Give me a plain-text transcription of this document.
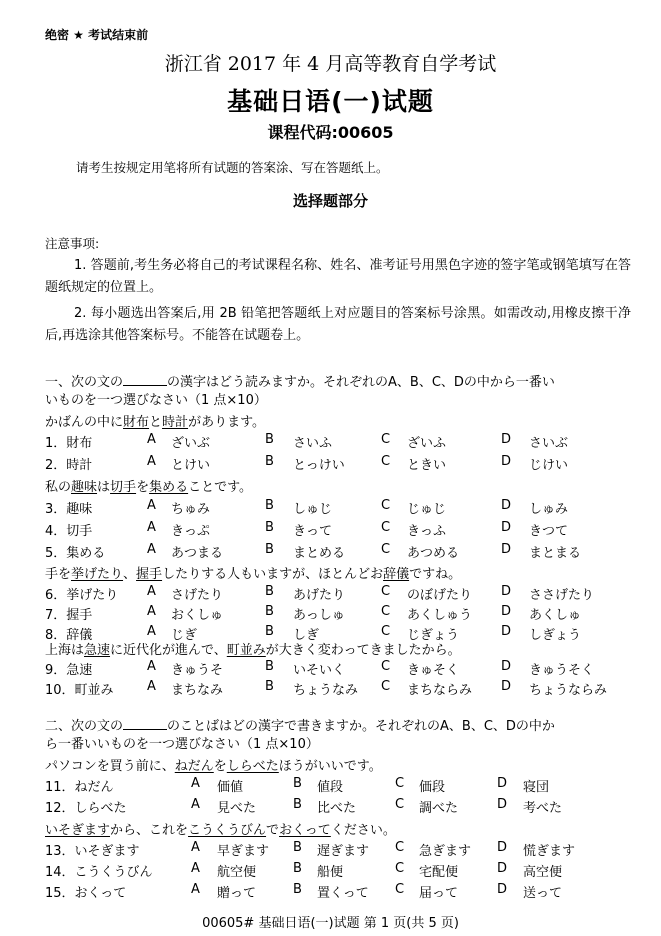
绝密 ★ 考试结束前
浙江省 2017 年 4 月高等教育自学考试
基础日语(一)试题
课程代码:00605
请考生按规定用笔将所有试题的答案涂、写在答题纸上。
选择题部分
注意事项:
1. 答题前,考生务必将自己的考试课程名称、姓名、准考证号用黑色字迹的签字笔或钢笔填写在答题纸规定的位置上。
2. 每小题选出答案后,用 2B 铅笔把答题纸上对应题目的答案标号涂黑。如需改动,用橡皮擦干净后,再选涂其他答案标号。不能答在试题卷上。
一、次の文の	の漢字はどう読みますか。それぞれのA、B、C、Dの中から一番い
いものを一つ選びなさい（1 点×10）
かばんの中に財布と時計があります。
1．財布	A ざいぶ	B さいふ	C ざいふ	D さいぶ
2．時計	A とけい	B とっけい	C ときい	D じけい
私の趣味は切手を集めることです。
3．趣味	A ちゅみ	B しゅじ	C じゅじ	D しゅみ
4．切手	A きっぷ	B きって	C きっふ	D きつて
5．集める	A あつまる	B まとめる	C あつめる	D まとまる
手を挙げたり、握手したりする人もいますが、ほとんどお辞儀ですね。
6．挙げたり A さげたり	B あげたり	C のぼげたり D ささげたり
7．握手	A おくしゅ	B あっしゅ	C あくしゅう D あくしゅ
8．辞儀	A じぎ	B しぎ	C じぎょう	D しぎょう
上海は急速に近代化が進んで、町並みが大きく変わってきましたから。
9．急速	A きゅうそ	B いそいく	C きゅそく	D きゅうそく
10．町並み	A まちなみ	B ちょうなみ C まちならみ D ちょうならみ
二、次の文の	のことばはどの漢字で書きますか。それぞれのA、B、C、Dの中か
ら一番いいものを一つ選びなさい（1 点×10）
パソコンを買う前に、ねだんをしらべたほうがいいです。
11．ねだん	A 価値	B 値段	C 価段	D 寝団
12．しらべた	A 見べた	B 比べた	C 調べた	D 考べた
いそぎますから、これをこうくうびんでおくってください。
13．いそぎます	A 早ぎます B 遅ぎます C 急ぎます D 慌ぎます
14．こうくうびん	A 航空便	B 船便	C 宅配便	D 高空便
15．おくって	A 贈って	B 置くって C 届って	D 送って
00605# 基础日语(一)试题 第 1 页(共 5 页)
